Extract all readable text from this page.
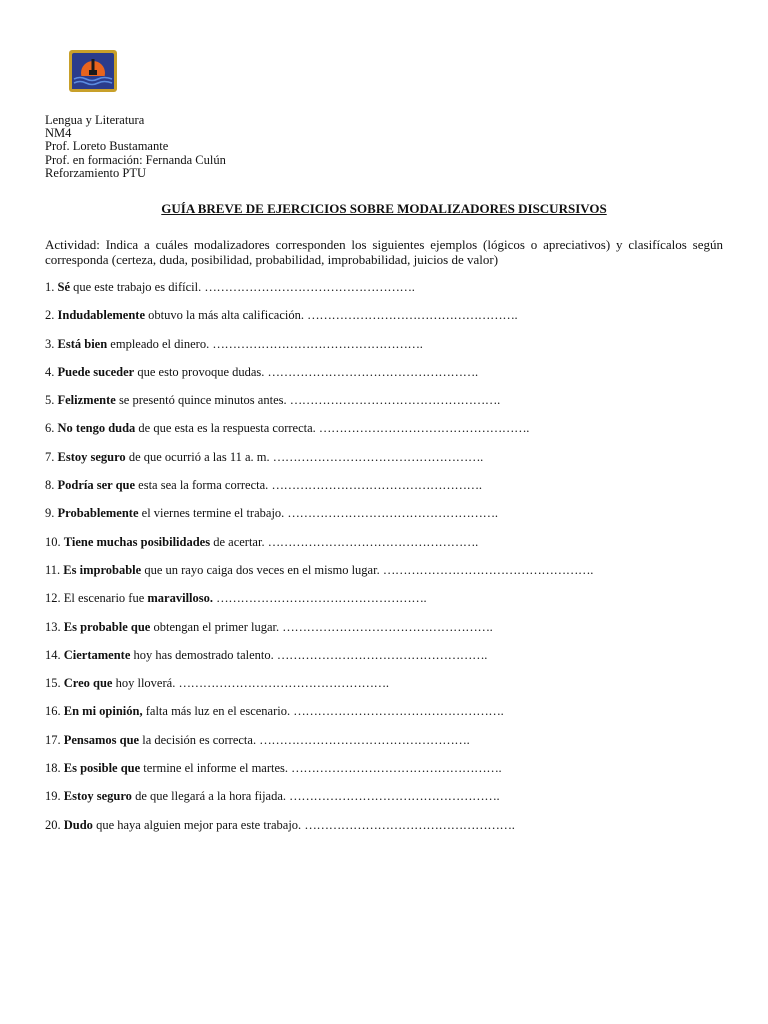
Lengua y Literatura
NM4
Prof. Loreto Bustamante
Prof. en formación: Fernanda Culún
Reforzamiento PTU
GUÍA BREVE DE EJERCICIOS SOBRE MODALIZADORES DISCURSIVOS
Actividad: Indica a cuáles modalizadores corresponden los siguientes ejemplos (lógicos o apreciativos) y clasifícalos según corresponda (certeza, duda, posibilidad, probabilidad, improbabilidad, juicios de valor)
1. Sé que este trabajo es difícil. …………………………………………….
2. Indudablemente obtuvo la más alta calificación. …………………………………………….
3. Está bien empleado el dinero. …………………………………………….
4. Puede suceder que esto provoque dudas. …………………………………………….
5. Felizmente se presentó quince minutos antes. …………………………………………….
6. No tengo duda de que esta es la respuesta correcta. …………………………………………….
7. Estoy seguro de que ocurrió a las 11 a. m. …………………………………………….
8. Podría ser que esta sea la forma correcta. …………………………………………….
9. Probablemente el viernes termine el trabajo. …………………………………………….
10. Tiene muchas posibilidades de acertar. …………………………………………….
11. Es improbable que un rayo caiga dos veces en el mismo lugar. …………………………………………….
12. El escenario fue maravilloso. …………………………………………….
13. Es probable que obtengan el primer lugar. …………………………………………….
14. Ciertamente hoy has demostrado talento. …………………………………………….
15. Creo que hoy lloverá. …………………………………………….
16. En mi opinión, falta más luz en el escenario. …………………………………………….
17. Pensamos que la decisión es correcta. …………………………………………….
18. Es posible que termine el informe el martes. …………………………………………….
19. Estoy seguro de que llegará a la hora fijada. …………………………………………….
20. Dudo que haya alguien mejor para este trabajo. …………………………………………….
